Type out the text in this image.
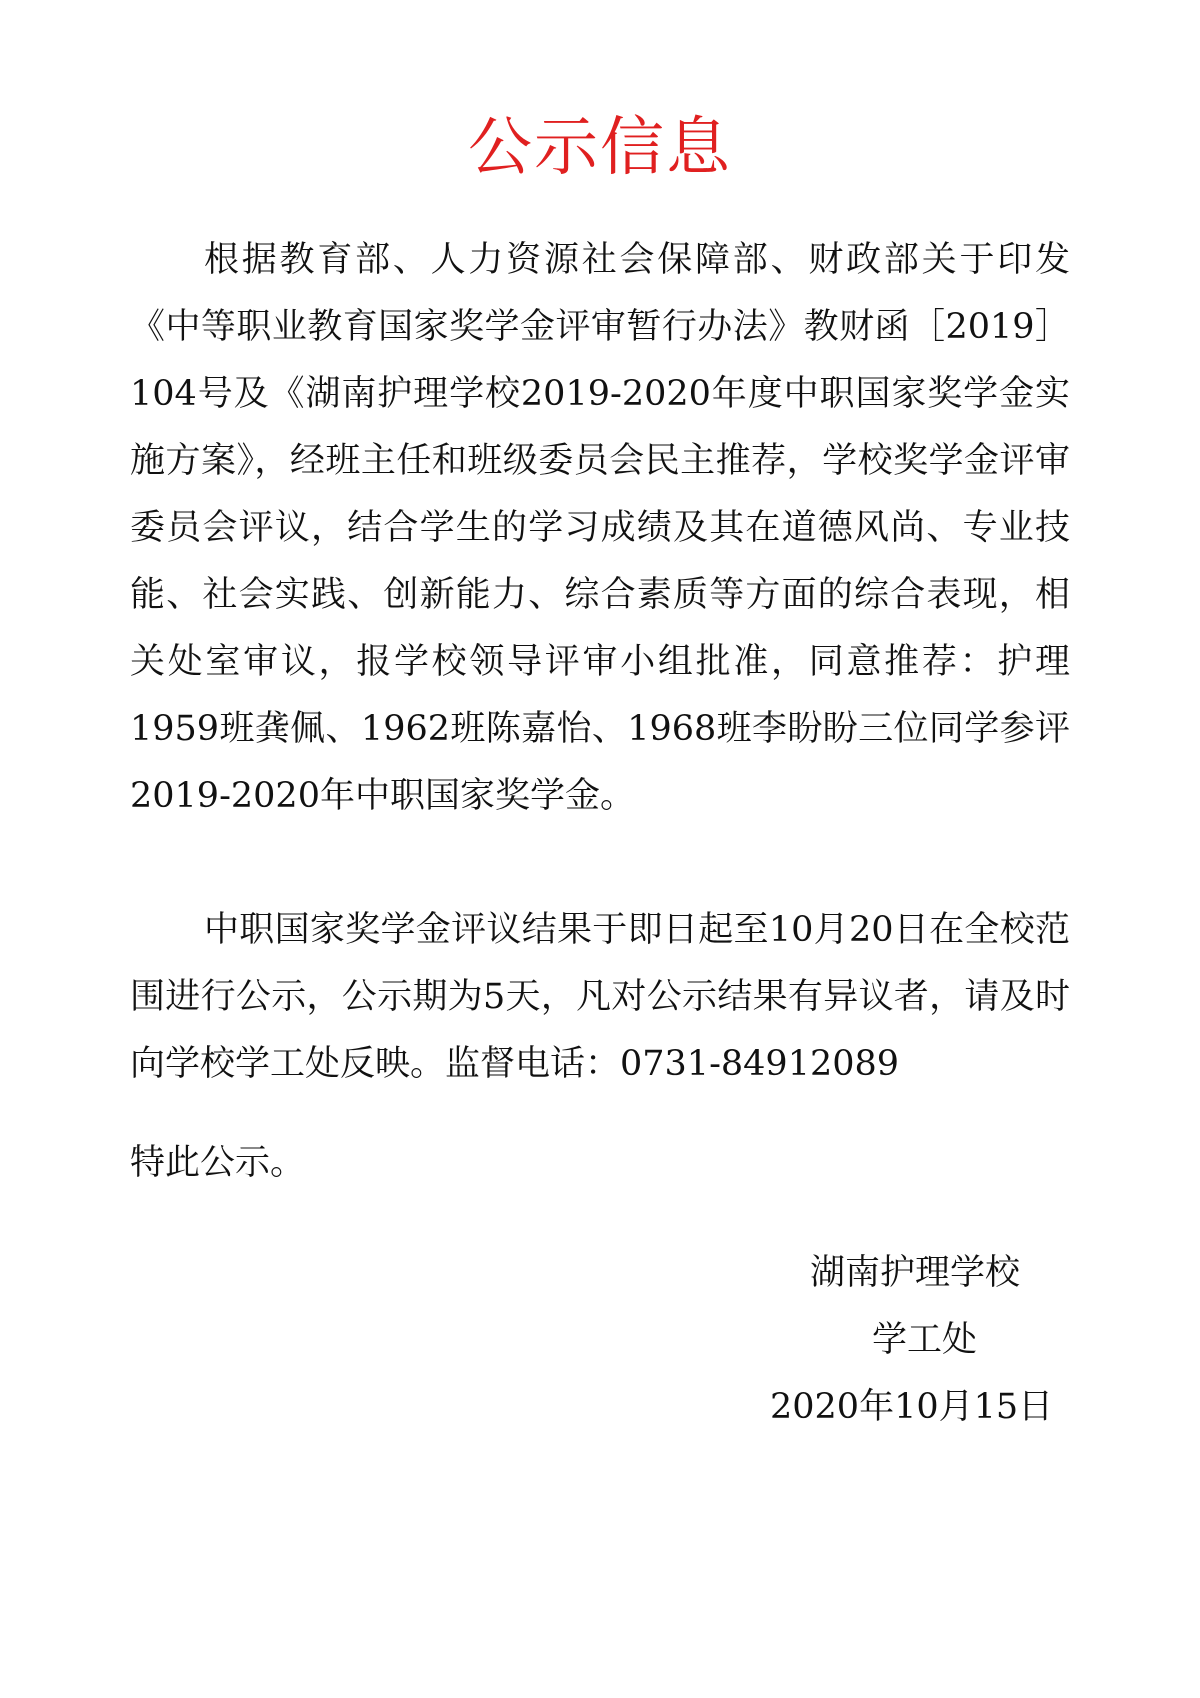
公示信息

根据教育部、人力资源社会保障部、财政部关于印发《中等职业教育国家奖学金评审暂行办法》教财函［2019］104号及《湖南护理学校2019-2020年度中职国家奖学金实施方案》，经班主任和班级委员会民主推荐，学校奖学金评审委员会评议，结合学生的学习成绩及其在道德风尚、专业技能、社会实践、创新能力、综合素质等方面的综合表现，相关处室审议，报学校领导评审小组批准，同意推荐：护理1959班龚佩、1962班陈嘉怡、1968班李盼盼三位同学参评2019-2020年中职国家奖学金。

中职国家奖学金评议结果于即日起至10月20日在全校范围进行公示，公示期为5天，凡对公示结果有异议者，请及时向学校学工处反映。监督电话：0731-84912089

特此公示。
湖南护理学校
学工处
2020年10月15日
